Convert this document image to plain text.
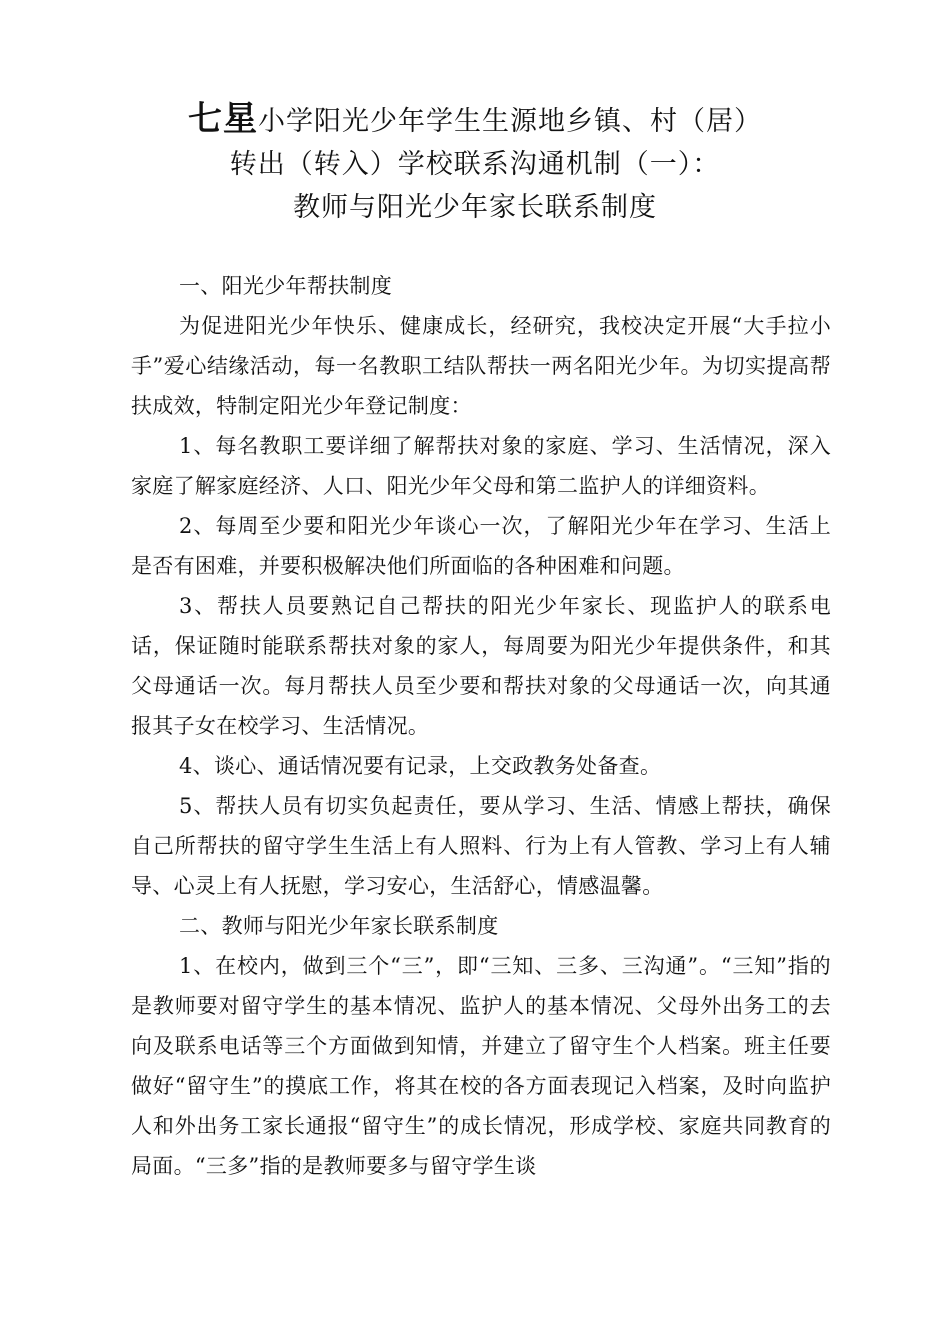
七星小学阳光少年学生生源地乡镇、村（居）
转出（转入）学校联系沟通机制（一）：
教师与阳光少年家长联系制度

一、阳光少年帮扶制度

为促进阳光少年快乐、健康成长，经研究，我校决定开展“大手拉小手”爱心结缘活动，每一名教职工结队帮扶一两名阳光少年。为切实提高帮扶成效，特制定阳光少年登记制度：

1、每名教职工要详细了解帮扶对象的家庭、学习、生活情况，深入家庭了解家庭经济、人口、阳光少年父母和第二监护人的详细资料。

2、每周至少要和阳光少年谈心一次，了解阳光少年在学习、生活上是否有困难，并要积极解决他们所面临的各种困难和问题。

3、帮扶人员要熟记自己帮扶的阳光少年家长、现监护人的联系电话，保证随时能联系帮扶对象的家人，每周要为阳光少年提供条件，和其父母通话一次。每月帮扶人员至少要和帮扶对象的父母通话一次，向其通报其子女在校学习、生活情况。

4、谈心、通话情况要有记录，上交政教务处备查。

5、帮扶人员有切实负起责任，要从学习、生活、情感上帮扶，确保自己所帮扶的留守学生生活上有人照料、行为上有人管教、学习上有人辅导、心灵上有人抚慰，学习安心，生活舒心，情感温馨。

二、教师与阳光少年家长联系制度

1、在校内，做到三个“三”，即“三知、三多、三沟通”。“三知”指的是教师要对留守学生的基本情况、监护人的基本情况、父母外出务工的去向及联系电话等三个方面做到知情，并建立了留守生个人档案。班主任要做好“留守生”的摸底工作，将其在校的各方面表现记入档案，及时向监护人和外出务工家长通报“留守生”的成长情况，形成学校、家庭共同教育的局面。“三多”指的是教师要多与留守学生谈
